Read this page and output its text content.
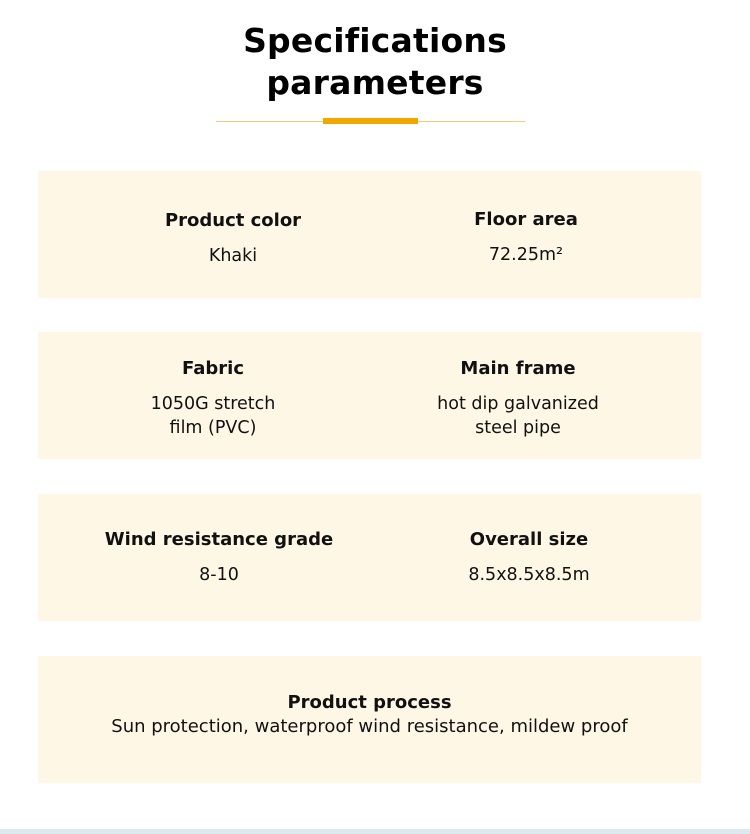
Specifications
parameters
Product color
Khaki
Floor area
72.25m²
Fabric
1050G stretch
film (PVC)
Main frame
hot dip galvanized
steel pipe
Wind resistance grade
8-10
Overall size
8.5x8.5x8.5m
Product process
Sun protection, waterproof wind resistance, mildew proof
